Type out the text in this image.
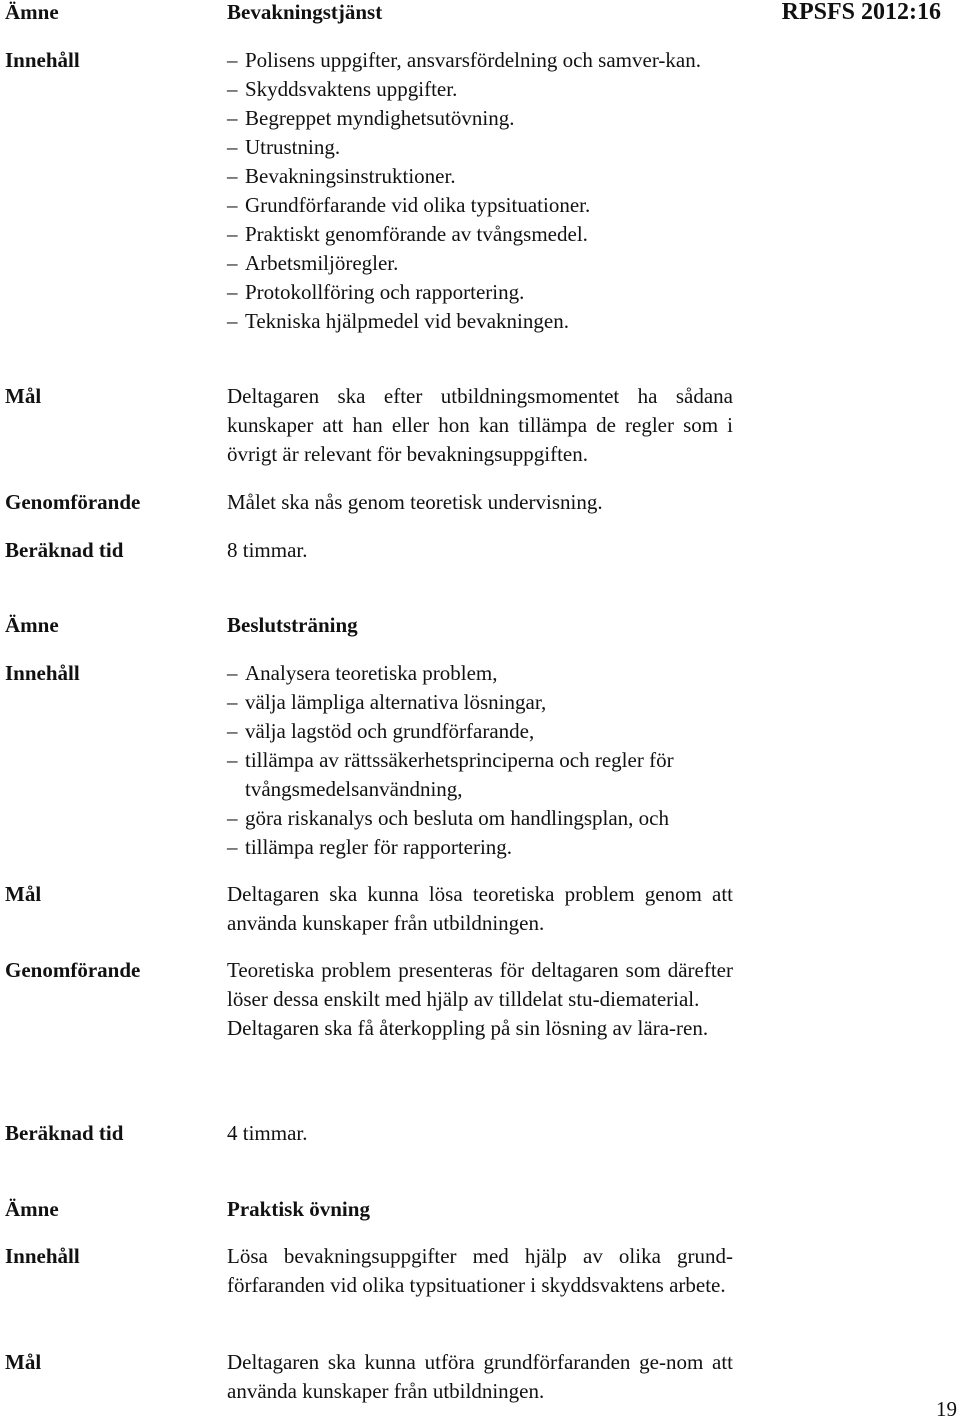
Ämne	Bevakningstjänst	RPSFS 2012:16
Innehåll	– Polisens uppgifter, ansvarsfördelning och samver-kan.
– Skyddsvaktens uppgifter.
– Begreppet myndighetsutövning.
– Utrustning.
– Bevakningsinstruktioner.
– Grundförfarande vid olika typsituationer.
– Praktiskt genomförande av tvångsmedel.
– Arbetsmiljöregler.
– Protokollföring och rapportering.
– Tekniska hjälpmedel vid bevakningen.
Mål	Deltagaren ska efter utbildningsmomentet ha sådana kunskaper att han eller hon kan tillämpa de regler som i övrigt är relevant för bevakningsuppgiften.

Genomförande	Målet ska nås genom teoretisk undervisning.
Beräknad tid	8 timmar.
Ämne	Beslutsträning
Innehåll	– Analysera teoretiska problem,
– välja lämpliga alternativa lösningar,
– välja lagstöd och grundförfarande,
– tillämpa av rättssäkerhetsprinciperna och regler för tvångsmedelsanvändning,
– göra riskanalys och besluta om handlingsplan, och
– tillämpa regler för rapportering.
Mål	Deltagaren ska kunna lösa teoretiska problem genom att använda kunskaper från utbildningen.

Genomförande	Teoretiska problem presenteras för deltagaren som därefter löser dessa enskilt med hjälp av tilldelat stu-diematerial.

Deltagaren ska få återkoppling på sin lösning av lära-ren.

Beräknad tid	4 timmar.
Ämne	Praktisk övning
Innehåll	Lösa bevakningsuppgifter med hjälp av olika grund-förfaranden vid olika typsituationer i skyddsvaktens arbete.

Mål	Deltagaren ska kunna utföra grundförfaranden ge-nom att använda kunskaper från utbildningen.

19
